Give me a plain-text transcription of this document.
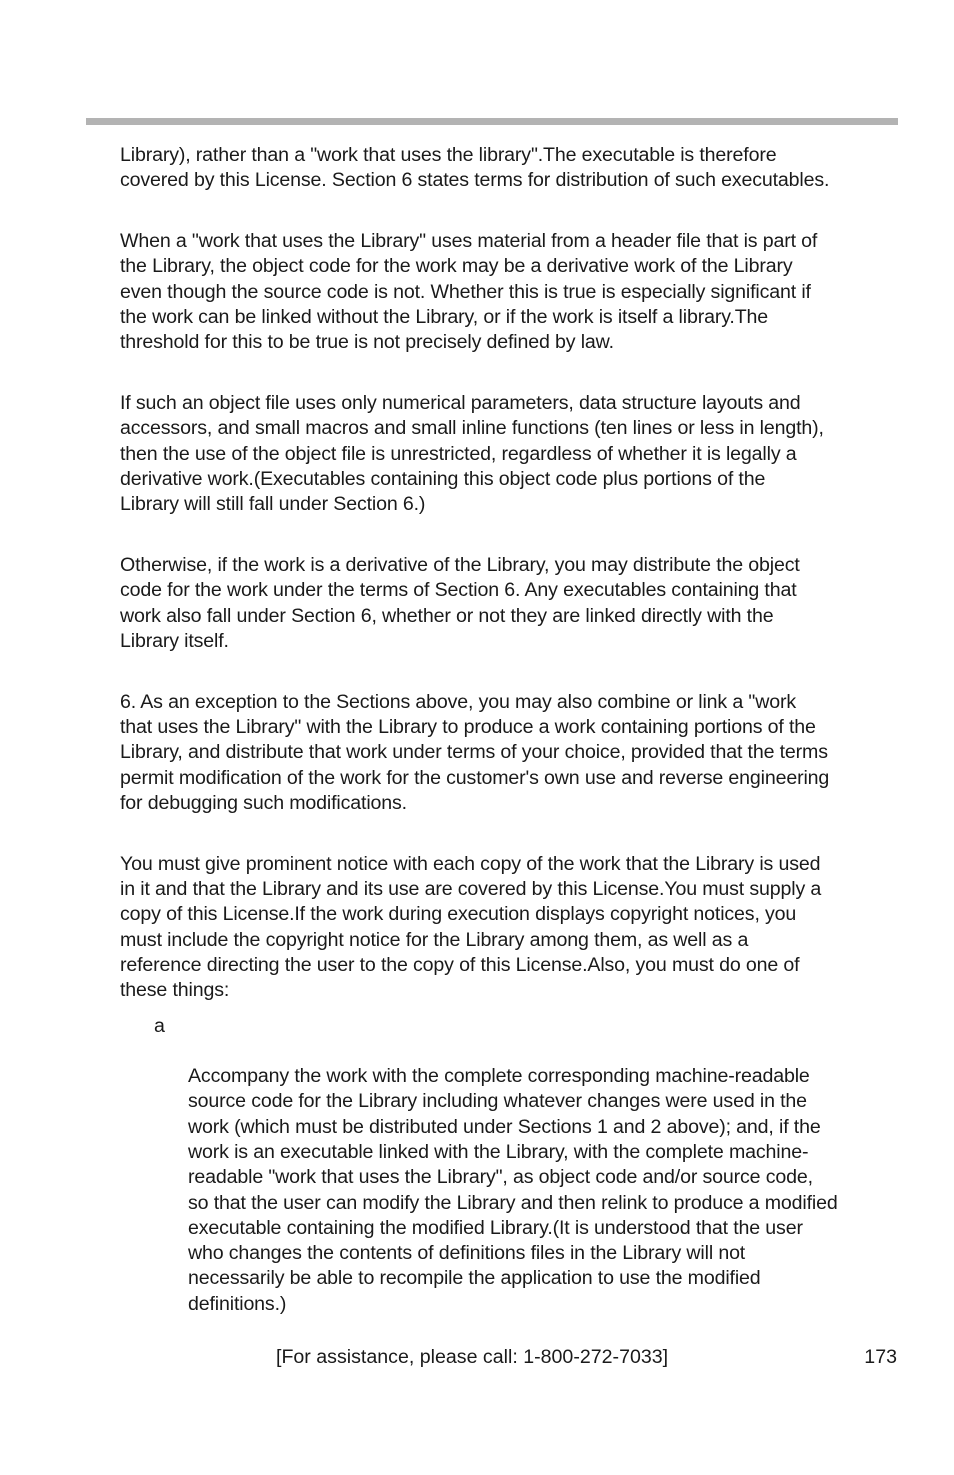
Library), rather than a "work that uses the library".The executable is therefore
covered by this License. Section 6 states terms for distribution of such executables.

When a "work that uses the Library" uses material from a header file that is part of
the Library, the object code for the work may be a derivative work of the Library
even though the source code is not. Whether this is true is especially significant if
the work can be linked without the Library, or if the work is itself a library.The
threshold for this to be true is not precisely defined by law.

If such an object file uses only numerical parameters, data structure layouts and
accessors, and small macros and small inline functions (ten lines or less in length),
then the use of the object file is unrestricted, regardless of whether it is legally a
derivative work.(Executables containing this object code plus portions of the
Library will still fall under Section 6.)

Otherwise, if the work is a derivative of the Library, you may distribute the object
code for the work under the terms of Section 6. Any executables containing that
work also fall under Section 6, whether or not they are linked directly with the
Library itself.

6. As an exception to the Sections above, you may also combine or link a "work
that uses the Library" with the Library to produce a work containing portions of the
Library, and distribute that work under terms of your choice, provided that the terms
permit modification of the work for the customer's own use and reverse engineering
for debugging such modifications.

You must give prominent notice with each copy of the work that the Library is used
in it and that the Library and its use are covered by this License.You must supply a
copy of this License.If the work during execution displays copyright notices, you
must include the copyright notice for the Library among them, as well as a
reference directing the user to the copy of this License.Also, you must do one of
these things:

a

Accompany the work with the complete corresponding machine-readable
source code for the Library including whatever changes were used in the
work (which must be distributed under Sections 1 and 2 above); and, if the
work is an executable linked with the Library, with the complete machine-
readable "work that uses the Library", as object code and/or source code,
so that the user can modify the Library and then relink to produce a modified
executable containing the modified Library.(It is understood that the user
who changes the contents of definitions files in the Library will not
necessarily be able to recompile the application to use the modified
definitions.)

[For assistance, please call: 1-800-272-7033]	173
